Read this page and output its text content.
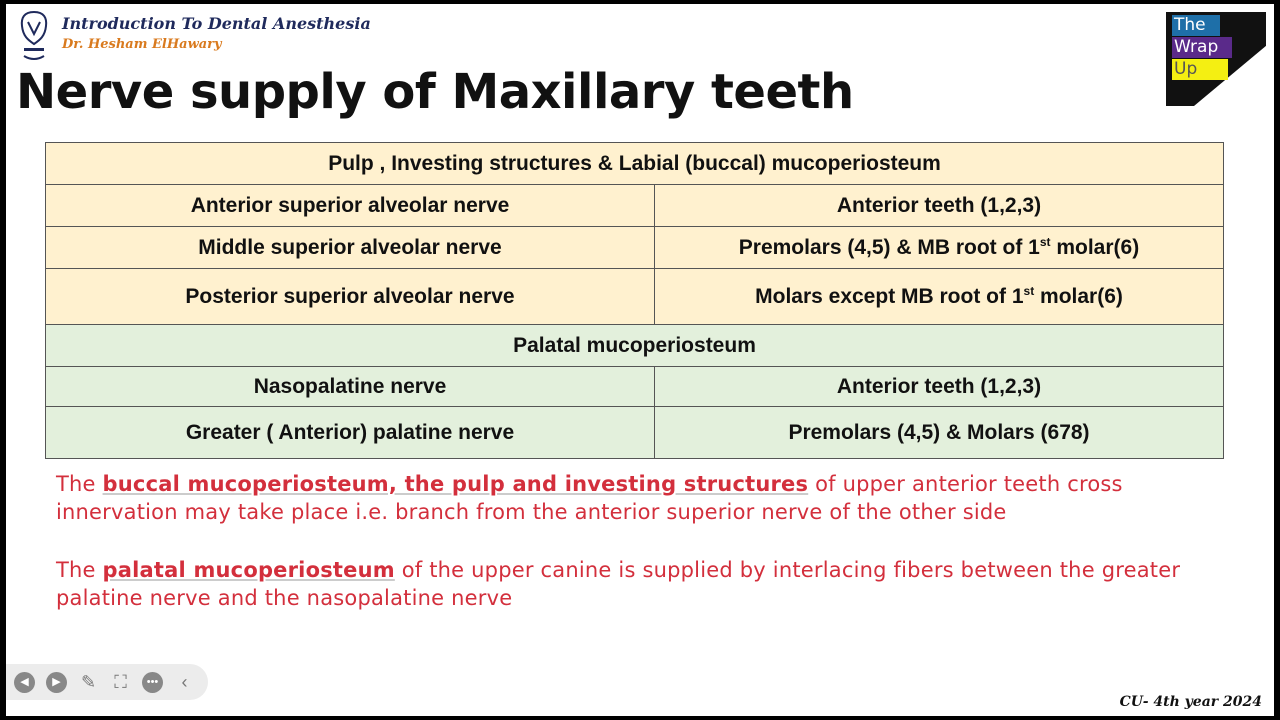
Introduction To Dental Anesthesia
Dr. Hesham ElHawary
Nerve supply of Maxillary teeth
The
Wrap
Up
Pulp , Investing structures & Labial (buccal) mucoperiosteum	
Anterior superior alveolar nerve	Anterior teeth (1,2,3)
Middle superior alveolar nerve	Premolars (4,5) & MB root of 1st molar(6)
Posterior superior alveolar nerve	Molars except MB root of 1st molar(6)
Palatal mucoperiosteum	
Nasopalatine nerve	Anterior teeth (1,2,3)
Greater ( Anterior) palatine nerve	Premolars (4,5) & Molars (678)
The buccal mucoperiosteum, the pulp and investing structures of upper anterior teeth cross innervation may take place i.e. branch from the anterior superior nerve of the other side
The palatal mucoperiosteum of the upper canine is supplied by interlacing fibers between the greater palatine nerve and the nasopalatine nerve
◀	▶	✎ ⛶	•••	‹
CU- 4th year 2024
